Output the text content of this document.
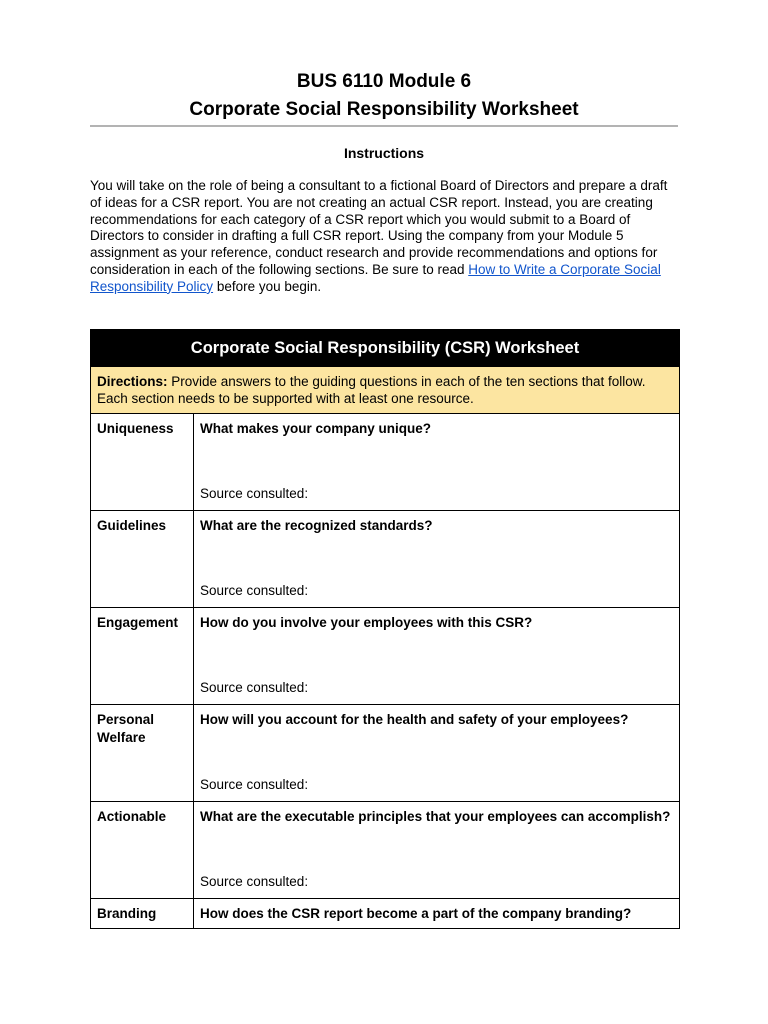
BUS 6110 Module 6
Corporate Social Responsibility Worksheet
Instructions
You will take on the role of being a consultant to a fictional Board of Directors and prepare a draft of ideas for a CSR report. You are not creating an actual CSR report. Instead, you are creating recommendations for each category of a CSR report which you would submit to a Board of Directors to consider in drafting a full CSR report. Using the company from your Module 5 assignment as your reference, conduct research and provide recommendations and options for consideration in each of the following sections. Be sure to read How to Write a Corporate Social Responsibility Policy before you begin.
Corporate Social Responsibility (CSR) Worksheet	

Directions: Provide answers to the guiding questions in each of the ten sections that follow. Each section needs to be supported with at least one resource.	

Uniqueness	What makes your company unique?
Source consulted:

Guidelines	What are the recognized standards?
Source consulted:

Engagement	How do you involve your employees with this CSR?
Source consulted:

Personal Welfare	How will you account for the health and safety of your employees?
Source consulted:

Actionable	What are the executable principles that your employees can accomplish?
Source consulted:

Branding	How does the CSR report become a part of the company branding?
